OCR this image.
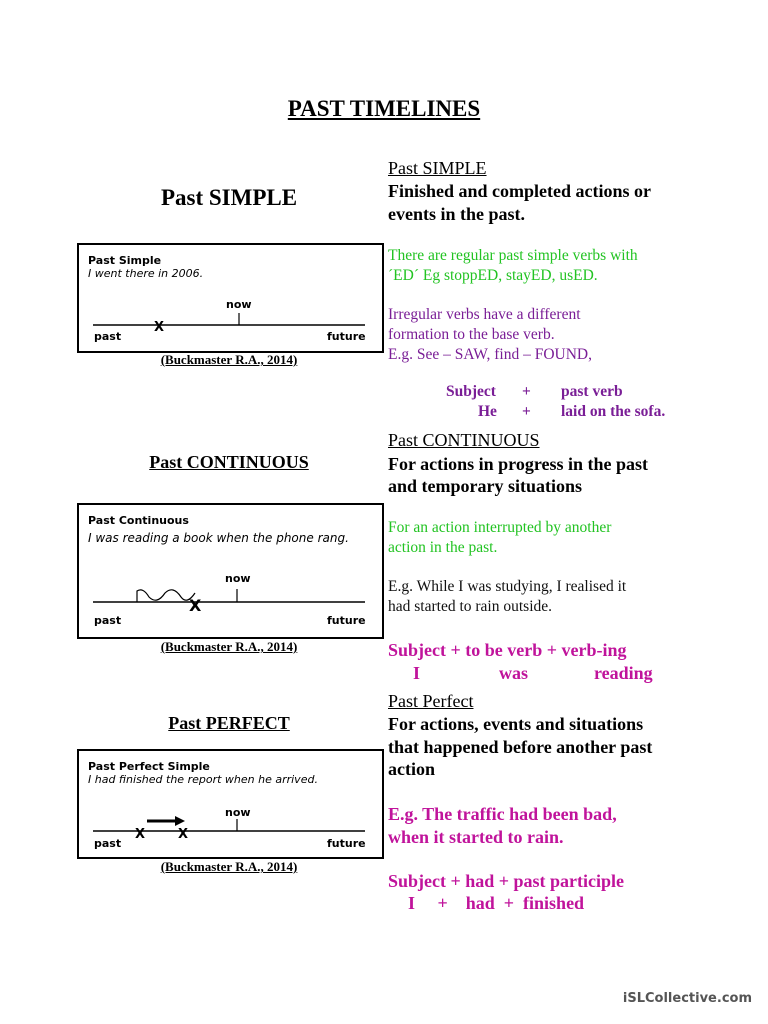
PAST TIMELINES
Past SIMPLE
Past Simple
I went there in 2006.
X
now
past	future
(Buckmaster R.A., 2014)
Past SIMPLE
Finished and completed actions or
events in the past.
There are regular past simple verbs with
´ED´ Eg stoppED, stayED, usED.
Irregular verbs have a different
formation to the base verb.
E.g. See – SAW, find – FOUND,
Subject + past verb
He + laid on the sofa.
Past CONTINUOUS
Past Continuous
I was reading a book when the phone rang.
X
now
past	future
(Buckmaster R.A., 2014)
Past CONTINUOUS
For actions in progress in the past
and temporary situations
For an action interrupted by another
action in the past.
E.g. While I was studying, I realised it
had started to rain outside.
Subject + to be verb + verb-ing
I	was	reading
Past PERFECT
Past Perfect Simple
I had finished the report when he arrived.
X	X
now
past	future
(Buckmaster R.A., 2014)
Past Perfect
For actions, events and situations
that happened before another past
action
E.g. The traffic had been bad,
when it started to rain.
Subject + had + past participle
I     +    had  +  finished
iSLCollective.com
